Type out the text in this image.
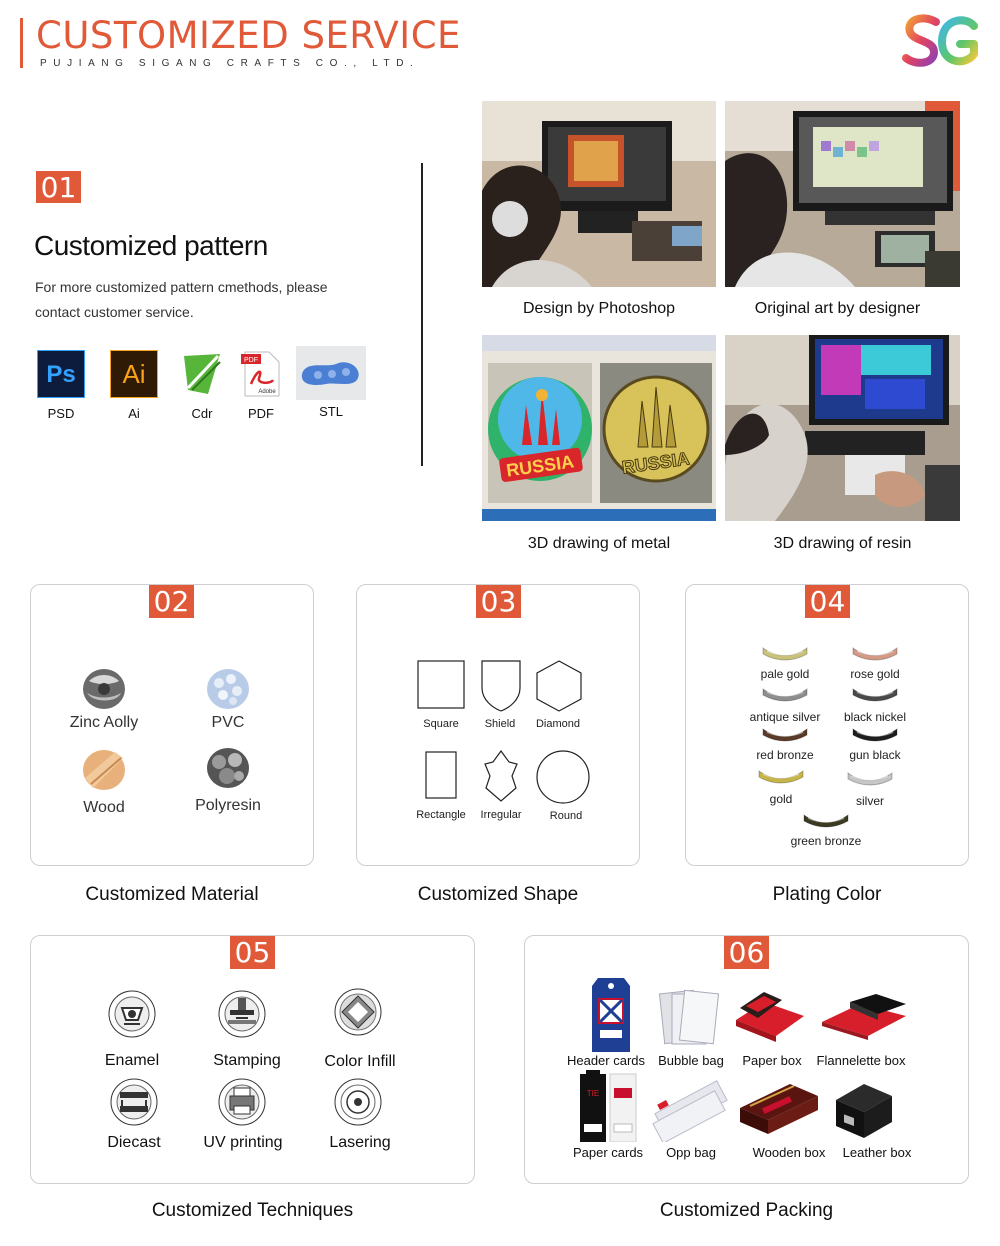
CUSTOMIZED SERVICE
PUJIANG SIGANG CRAFTS CO., LTD.
01
Customized pattern
For more customized pattern cmethods, please contact customer service.
Ps
PSD
Ai
Ai	Cdr
PDF
Adobe
PDF	STL
RUSSIA	RUSSIA
Design by Photoshop	Original art by designer
3D drawing of metal	3D drawing of resin
02
Zinc Aolly	PVC
Wood	Polyresin
Customized Material
03
Square	Shield	Diamond
Rectangle	Irregular	Round
Customized Shape
04
pale gold	rose gold
antique silver	black nickel
red bronze	gun black
gold	silver
green bronze
Plating Color
05
Enamel	Stamping	Color Infill
Diecast	UV printing	Lasering
Customized Techniques
06
TIE
Header cards	Bubble bag	Paper box	Flannelette box
Paper cards	Opp bag	Wooden box	Leather box
Customized Packing
